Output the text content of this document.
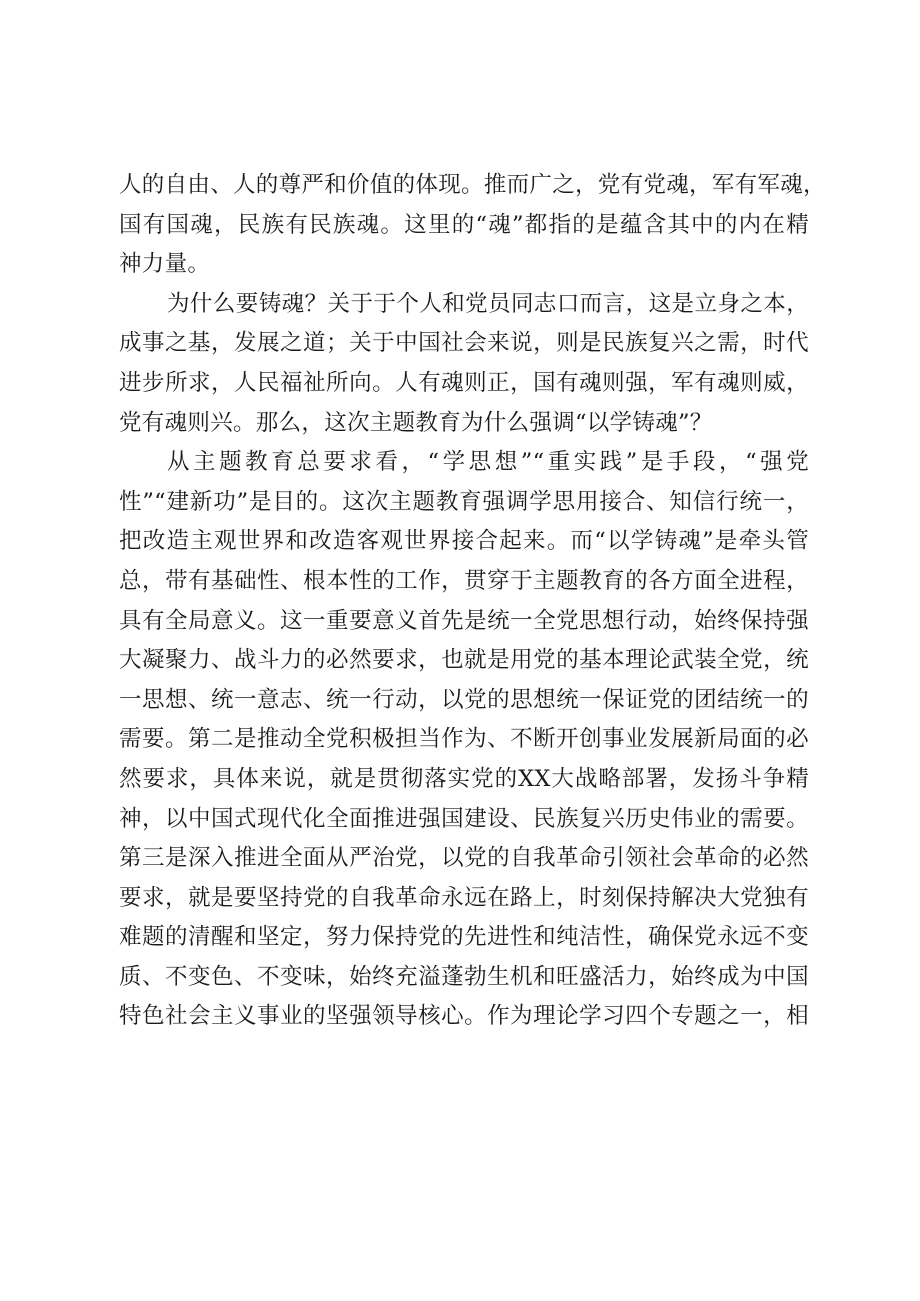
人的自由、人的尊严和价值的体现。推而广之，党有党魂，军有军魂，
国有国魂，民族有民族魂。这里的“魂”都指的是蕴含其中的内在精
神力量。
为什么要铸魂？关于于个人和党员同志口而言，这是立身之本，
成事之基，发展之道；关于中国社会来说，则是民族复兴之需，时代
进步所求，人民福祉所向。人有魂则正，国有魂则强，军有魂则威，
党有魂则兴。那么，这次主题教育为什么强调“以学铸魂”？
从主题教育总要求看，“学思想”“重实践”是手段，“强党
性”“建新功”是目的。这次主题教育强调学思用接合、知信行统一，
把改造主观世界和改造客观世界接合起来。而“以学铸魂”是牵头管
总，带有基础性、根本性的工作，贯穿于主题教育的各方面全进程，
具有全局意义。这一重要意义首先是统一全党思想行动，始终保持强
大凝聚力、战斗力的必然要求，也就是用党的基本理论武装全党，统
一思想、统一意志、统一行动，以党的思想统一保证党的团结统一的
需要。第二是推动全党积极担当作为、不断开创事业发展新局面的必
然要求，具体来说，就是贯彻落实党的XX大战略部署，发扬斗争精
神，以中国式现代化全面推进强国建设、民族复兴历史伟业的需要。
第三是深入推进全面从严治党，以党的自我革命引领社会革命的必然
要求，就是要坚持党的自我革命永远在路上，时刻保持解决大党独有
难题的清醒和坚定，努力保持党的先进性和纯洁性，确保党永远不变
质、不变色、不变味，始终充溢蓬勃生机和旺盛活力，始终成为中国
特色社会主义事业的坚强领导核心。作为理论学习四个专题之一，相
